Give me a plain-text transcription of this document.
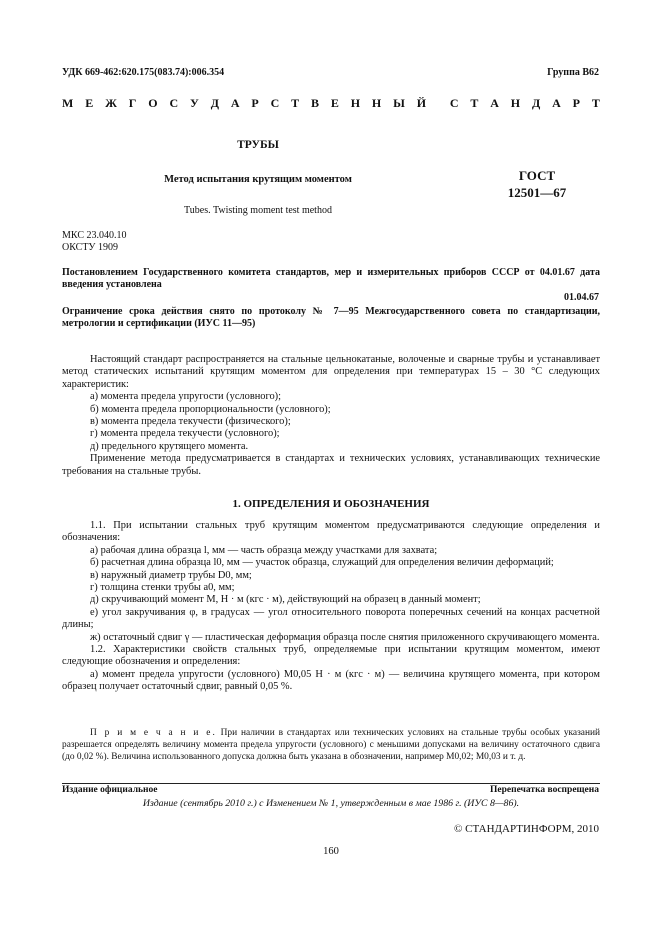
УДК 669-462:620.175(083.74):006.354	Группа В62
М Е Ж Г О С У Д А Р С Т В Е Н Н Ы Й С Т А Н Д А Р Т
ТРУБЫ
Метод испытания крутящим моментом	ГОСТ
12501—67
Tubes. Twisting moment test method
МКС 23.040.10
ОКСТУ 1909
Постановлением Государственного комитета стандартов, мер и измерительных приборов СССР от 04.01.67 дата введения установлена
01.04.67
Ограничение срока действия снято по протоколу № 7—95 Межгосударственного совета по стандартизации, метрологии и сертификации (ИУС 11—95)

Настоящий стандарт распространяется на стальные цельнокатаные, волоченые и сварные трубы и устанавливает метод статических испытаний крутящим моментом для определения при температурах 15 – 30 °С следующих характеристик:

а) момента предела упругости (условного);

б) момента предела пропорциональности (условного);

в) момента предела текучести (физического);

г) момента предела текучести (условного);

д) предельного крутящего момента.

Применение метода предусматривается в стандартах и технических условиях, устанавливающих технические требования на стальные трубы.

1. ОПРЕДЕЛЕНИЯ И ОБОЗНАЧЕНИЯ

1.1. При испытании стальных труб крутящим моментом предусматриваются следующие определения и обозначения:

а) рабочая длина образца l, мм — часть образца между участками для захвата;

б) расчетная длина образца l0, мм — участок образца, служащий для определения величин деформаций;

в) наружный диаметр трубы D0, мм;

г) толщина стенки трубы a0, мм;

д) скручивающий момент M, Н · м (кгс · м), действующий на образец в данный момент;

е) угол закручивания φ, в градусах — угол относительного поворота поперечных сечений на концах расчетной длины;

ж) остаточный сдвиг γ — пластическая деформация образца после снятия приложенного скручивающего момента.

1.2. Характеристики свойств стальных труб, определяемые при испытании крутящим моментом, имеют следующие обозначения и определения:

а) момент предела упругости (условного) M0,05 Н · м (кгс · м) — величина крутящего момента, при котором образец получает остаточный сдвиг, равный 0,05 %.

П р и м е ч а н и е. При наличии в стандартах или технических условиях на стальные трубы особых указаний разрешается определять величину момента предела упругости (условного) с меньшими допусками на величину остаточного сдвига (до 0,02 %). Величина использованного допуска должна быть указана в обозначении, например M0,02; M0,03 и т. д.
Издание официальное	Перепечатка воспрещена
Издание (сентябрь 2010 г.) с Изменением № 1, утвержденным в мае 1986 г. (ИУС 8—86).
© СТАНДАРТИНФОРМ, 2010
160
